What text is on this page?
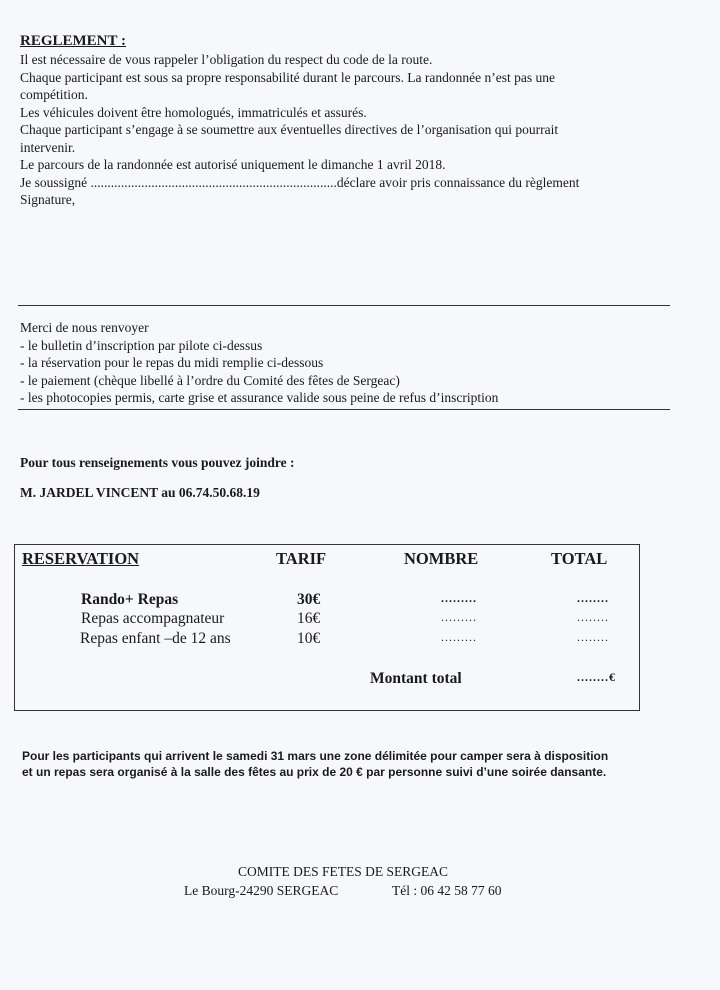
REGLEMENT :
Il est nécessaire de vous rappeler l’obligation du respect du code de la route.
Chaque participant est sous sa propre responsabilité durant le parcours. La randonnée n’est pas une
compétition.
Les véhicules doivent être homologués, immatriculés et assurés.
Chaque participant s’engage à se soumettre aux éventuelles directives de l’organisation qui pourrait
intervenir.
Le parcours de la randonnée est autorisé uniquement le dimanche 1 avril 2018.
Je soussigné .........................................................................déclare avoir pris connaissance du règlement
Signature,
Merci de nous renvoyer
- le bulletin d’inscription par pilote ci-dessus
- la réservation pour le repas du midi remplie ci-dessous
- le paiement (chèque libellé à l’ordre du Comité des fêtes de Sergeac)
- les photocopies permis, carte grise et assurance valide sous peine de refus d’inscription
Pour tous renseignements vous pouvez joindre :
M. JARDEL VINCENT au 06.74.50.68.19
RESERVATION	TARIF	NOMBRE	TOTAL
Rando+ Repas	30€	.........	........
Repas accompagnateur	16€	.........	........
Repas enfant –de 12 ans	10€	.........	........
Montant total	........€
Pour les participants qui arrivent le samedi 31 mars une zone délimitée pour camper sera à disposition
et un repas sera organisé à la salle des fêtes au prix de 20 € par personne suivi d’une soirée dansante.
COMITE DES FETES DE SERGEAC
Le Bourg-24290 SERGEAC	Tél : 06 42 58 77 60
